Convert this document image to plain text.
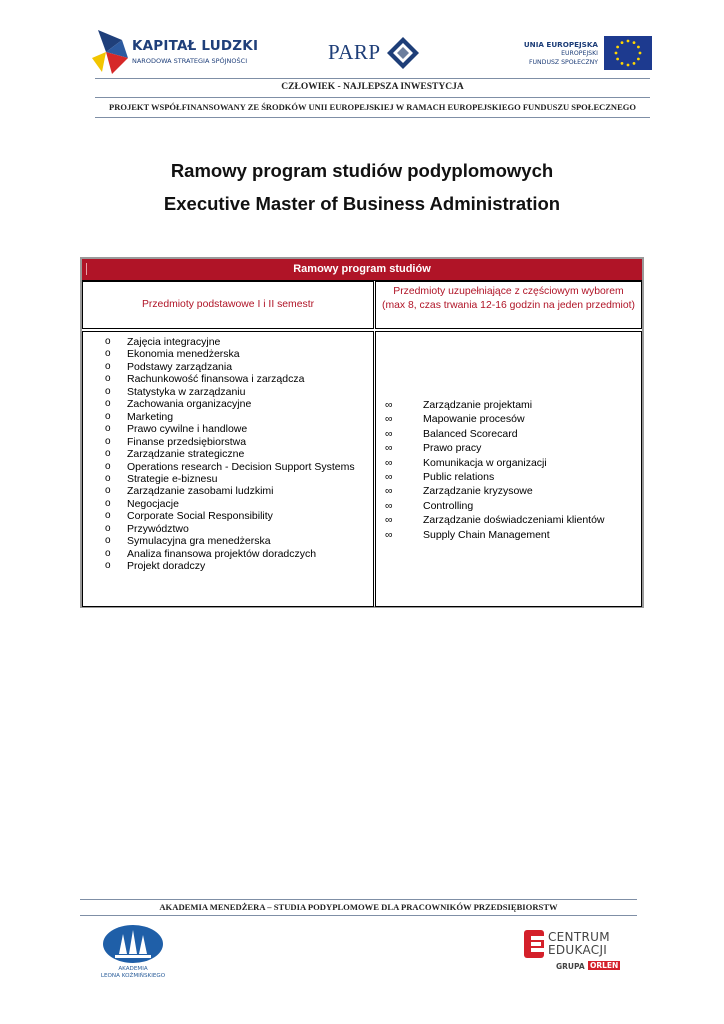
KAPITAŁ LUDZKI
NARODOWA STRATEGIA SPÓJNOŚCI	PARP	UNIA EUROPEJSKA
EUROPEJSKI
FUNDUSZ SPOŁECZNY
CZŁOWIEK - NAJLEPSZA INWESTYCJA
PROJEKT WSPÓŁFINANSOWANY ZE ŚRODKÓW UNII EUROPEJSKIEJ W RAMACH EUROPEJSKIEGO FUNDUSZU SPOŁECZNEGO
Ramowy program studiów podyplomowych
Executive Master of Business Administration
Ramowy program studiów
Przedmioty podstawowe I i II semestr
Przedmioty uzupełniające z częściowym wyborem
(max 8, czas trwania 12-16 godzin na jeden przedmiot)
o Zajęcia integracyjne
o Ekonomia menedżerska
o Podstawy zarządzania
o Rachunkowość finansowa i zarządcza
o Statystyka w zarządzaniu
o Zachowania organizacyjne
o Marketing
o Prawo cywilne i handlowe
o Finanse przedsiębiorstwa
o Zarządzanie strategiczne
o Operations research - Decision Support Systems
o Strategie e-biznesu
o Zarządzanie zasobami ludzkimi
o Negocjacje
o Corporate Social Responsibility
o Przywództwo
o Symulacyjna gra menedżerska
o Analiza finansowa projektów doradczych
o Projekt doradczy
∞	Zarządzanie projektami
∞	Mapowanie procesów
∞	Balanced Scorecard
∞	Prawo pracy
∞	Komunikacja w organizacji
∞	Public relations
∞	Zarządzanie kryzysowe
∞	Controlling
∞	Zarządzanie doświadczeniami klientów
∞	Supply Chain Management
AKADEMIA MENEDŻERA – STUDIA PODYPLOMOWE DLA PRACOWNIKÓW PRZEDSIĘBIORSTW
AKADEMIA
LEONA KOŹMIŃSKIEGO
CENTRUM
EDUKACJI
GRUPA ORLEN
